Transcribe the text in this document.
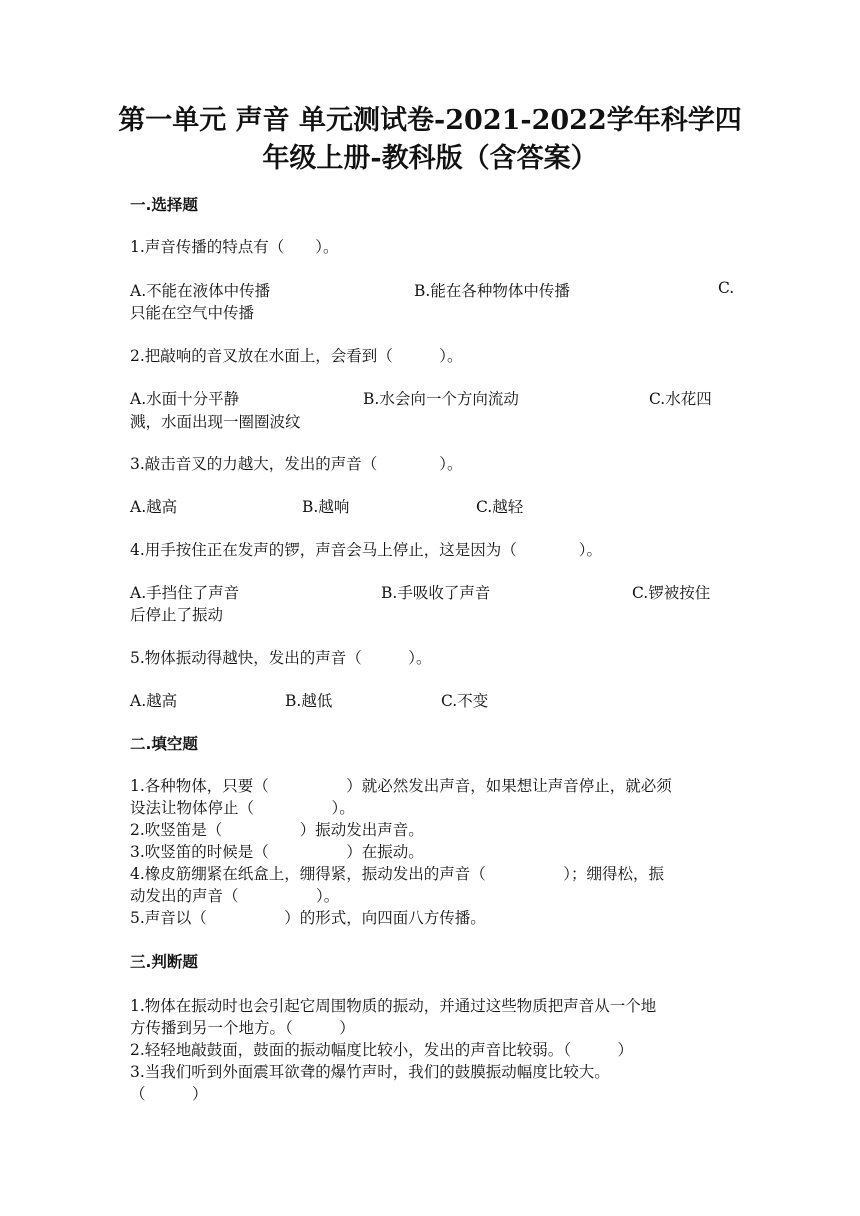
第一单元 声音 单元测试卷-2021-2022学年科学四
年级上册-教科版（含答案）
一.选择题
1.声音传播的特点有（　　）。
A.不能在液体中传播	B.能在各种物体中传播	C.
只能在空气中传播
2.把敲响的音叉放在水面上，会看到（　　　）。
A.水面十分平静	B.水会向一个方向流动	C.水花四
溅，水面出现一圈圈波纹
3.敲击音叉的力越大，发出的声音（　　　　）。
A.越高	B.越响	C.越轻
4.用手按住正在发声的锣，声音会马上停止，这是因为（　　　　）。
A.手挡住了声音	B.手吸收了声音	C.锣被按住
后停止了振动
5.物体振动得越快，发出的声音（　　　）。
A.越高	B.越低	C.不变
二.填空题
1.各种物体，只要（　　　　　）就必然发出声音，如果想让声音停止，就必须
设法让物体停止（　　　　　）。
2.吹竖笛是（　　　　　）振动发出声音。
3.吹竖笛的时候是（　　　　　）在振动。
4.橡皮筋绷紧在纸盒上，绷得紧，振动发出的声音（　　　　　）；绷得松，振
动发出的声音（　　　　　）。
5.声音以（　　　　　）的形式，向四面八方传播。
三.判断题
1.物体在振动时也会引起它周围物质的振动，并通过这些物质把声音从一个地
方传播到另一个地方。（　　　）
2.轻轻地敲鼓面，鼓面的振动幅度比较小，发出的声音比较弱。（　　　）
3.当我们听到外面震耳欲聋的爆竹声时，我们的鼓膜振动幅度比较大。
（　　　）
